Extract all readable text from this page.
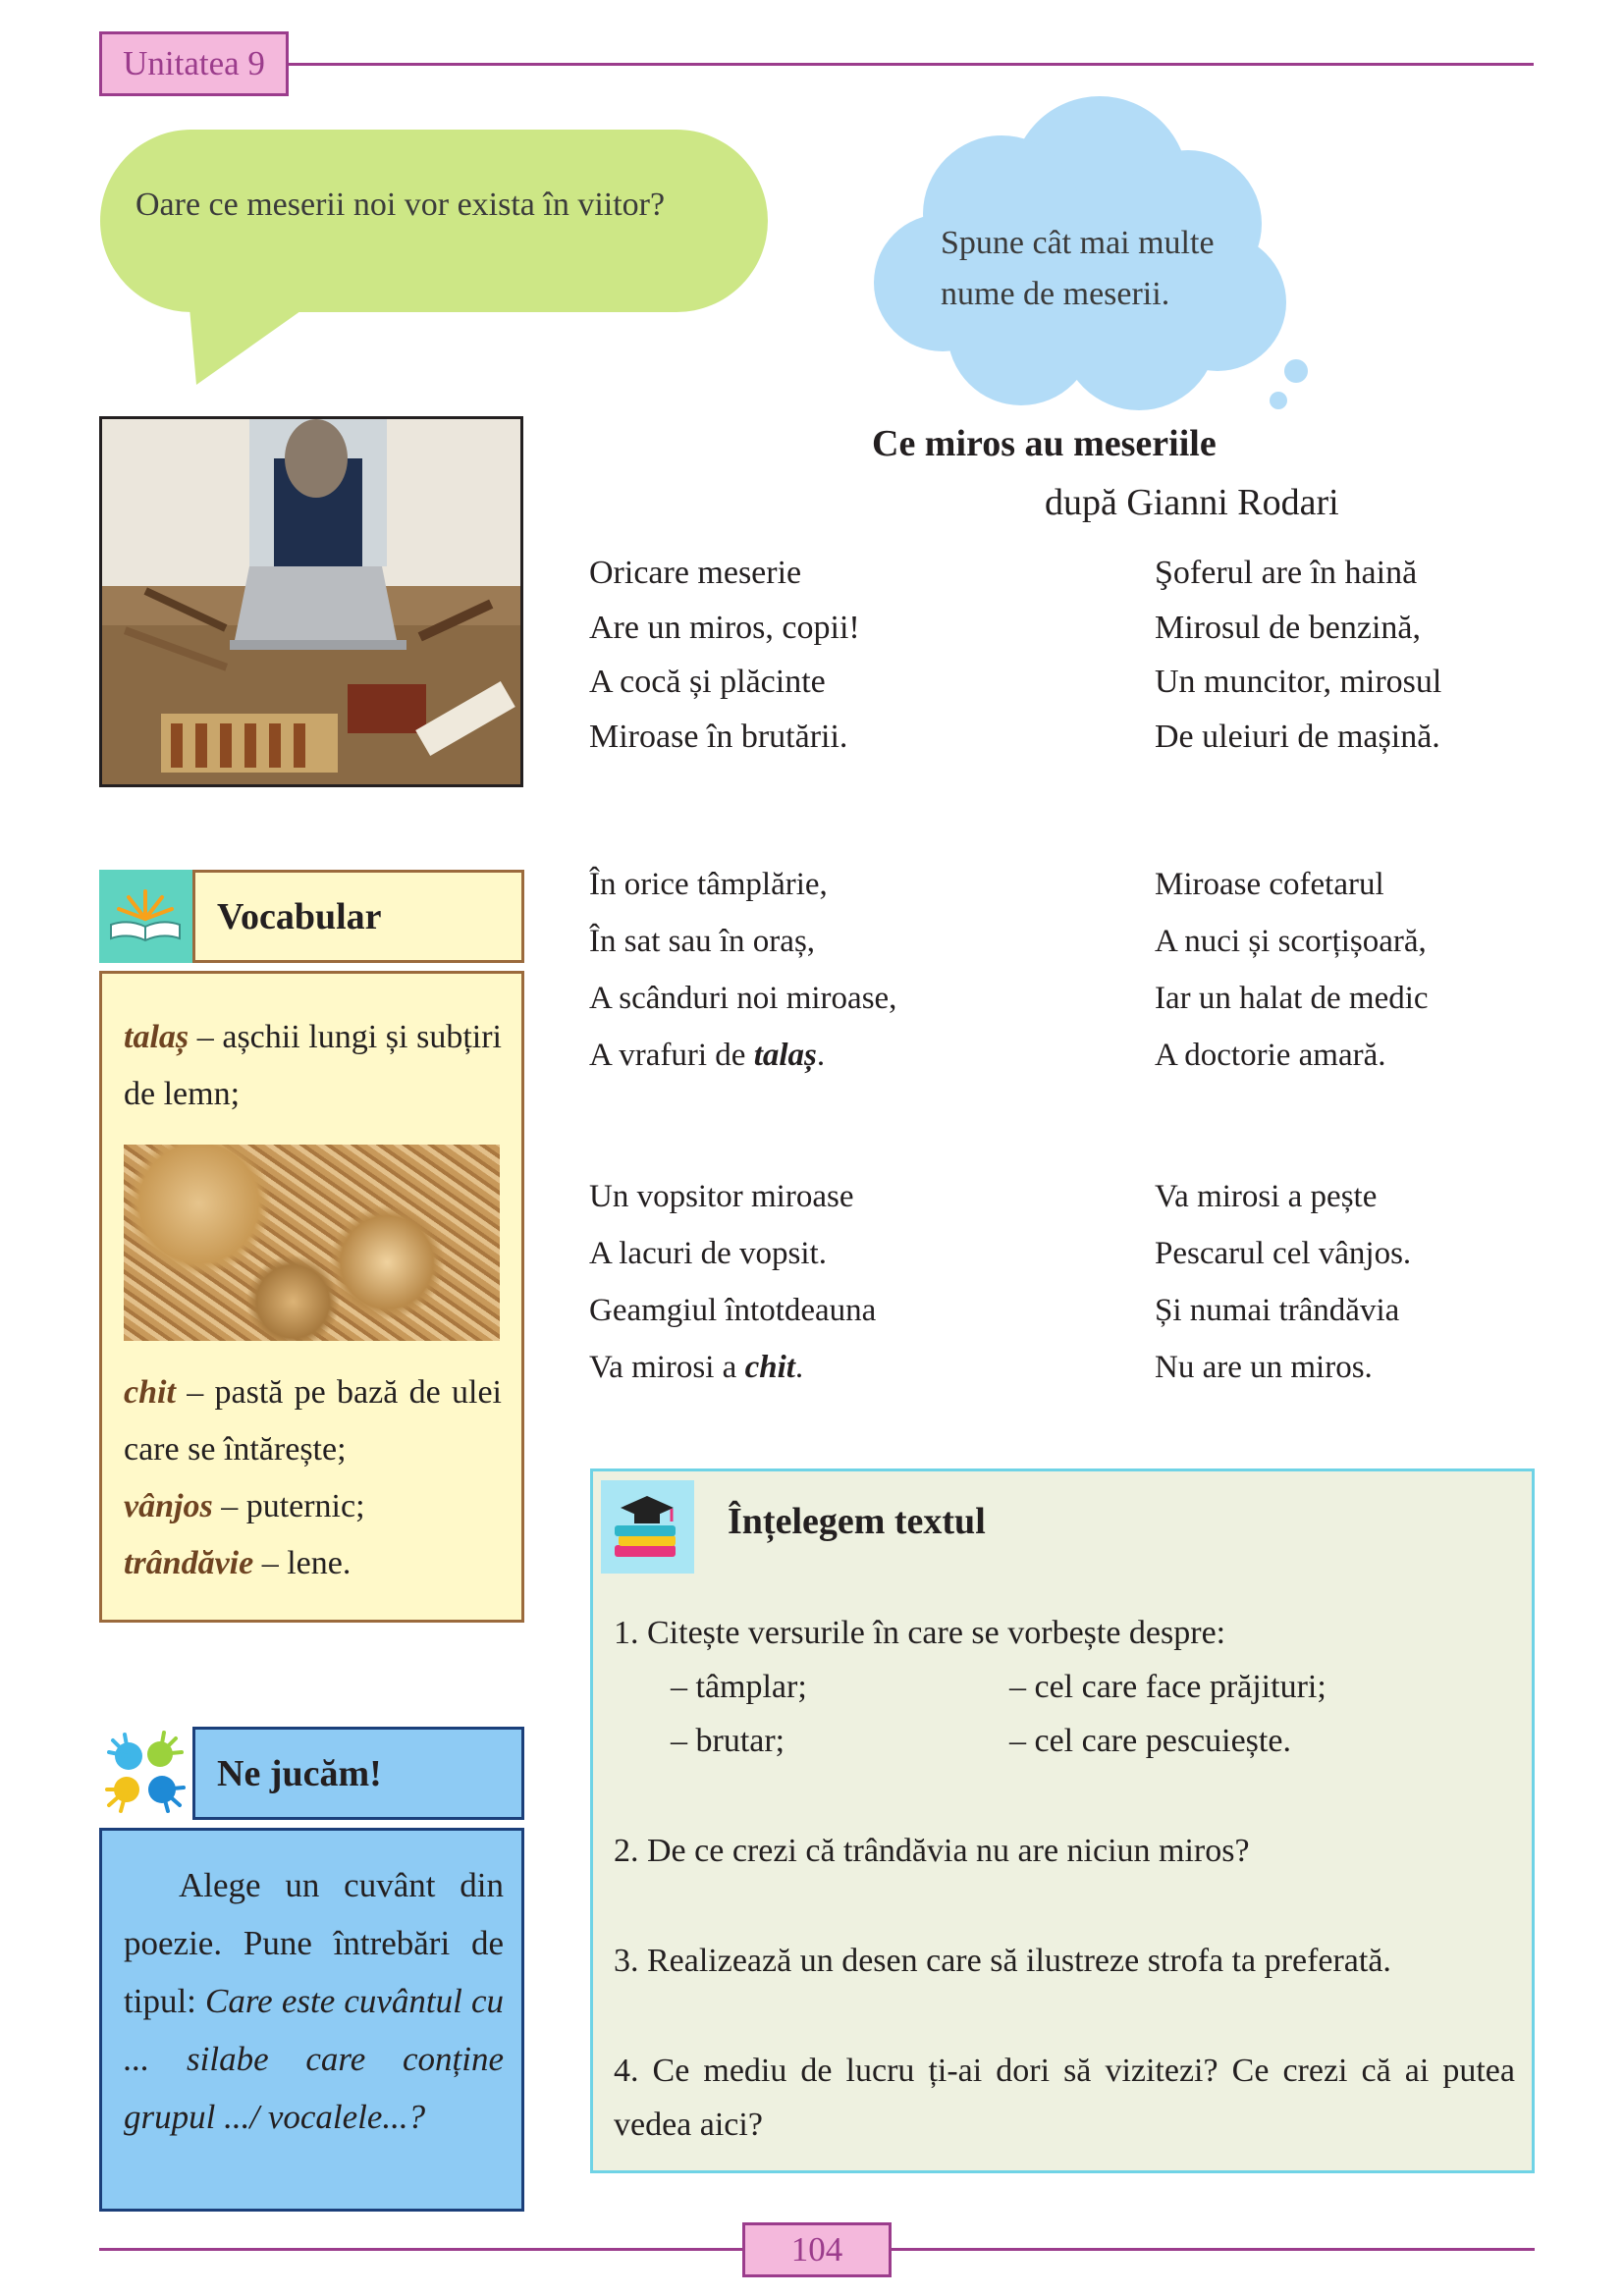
Unitatea 9
Oare ce meserii noi vor exista în viitor?
Spune cât mai multe
nume de meserii.
Ce miros au meseriile
după Gianni Rodari
Oricare meserie
Are un miros, copii!
A cocă și plăcinte
Miroase în brutării.
Şoferul are în haină
Mirosul de benzină,
Un muncitor, mirosul
De uleiuri de mașină.
În orice tâmplărie,
În sat sau în oraș,
A scânduri noi miroase,
A vrafuri de talaș.
Miroase cofetarul
A nuci și scorțișoară,
Iar un halat de medic
A doctorie amară.
Un vopsitor miroase
A lacuri de vopsit.
Geamgiul întotdeauna
Va mirosi a chit.
Va mirosi a pește
Pescarul cel vânjos.
Și numai trândăvia
Nu are un miros.
Vocabular
talaș – așchii lungi și subțiri de lemn;
chit – pastă pe bază de ulei care se întărește;
vânjos – puternic;
trândăvie – lene.
Ne jucăm!
Alege un cuvânt din poezie. Pune întrebări de tipul: Care este cuvântul cu ... silabe care conține grupul .../ vocalele...?
Înțelegem textul
1. Citește versurile în care se vorbește despre:
– tâmplar;	– cel care face prăjituri;
– brutar;	– cel care pescuiește.
2. De ce crezi că trândăvia nu are niciun miros?
3. Realizează un desen care să ilustreze strofa ta preferată.
4. Ce mediu de lucru ți-ai dori să vizitezi? Ce crezi că ai putea vedea aici?
104
